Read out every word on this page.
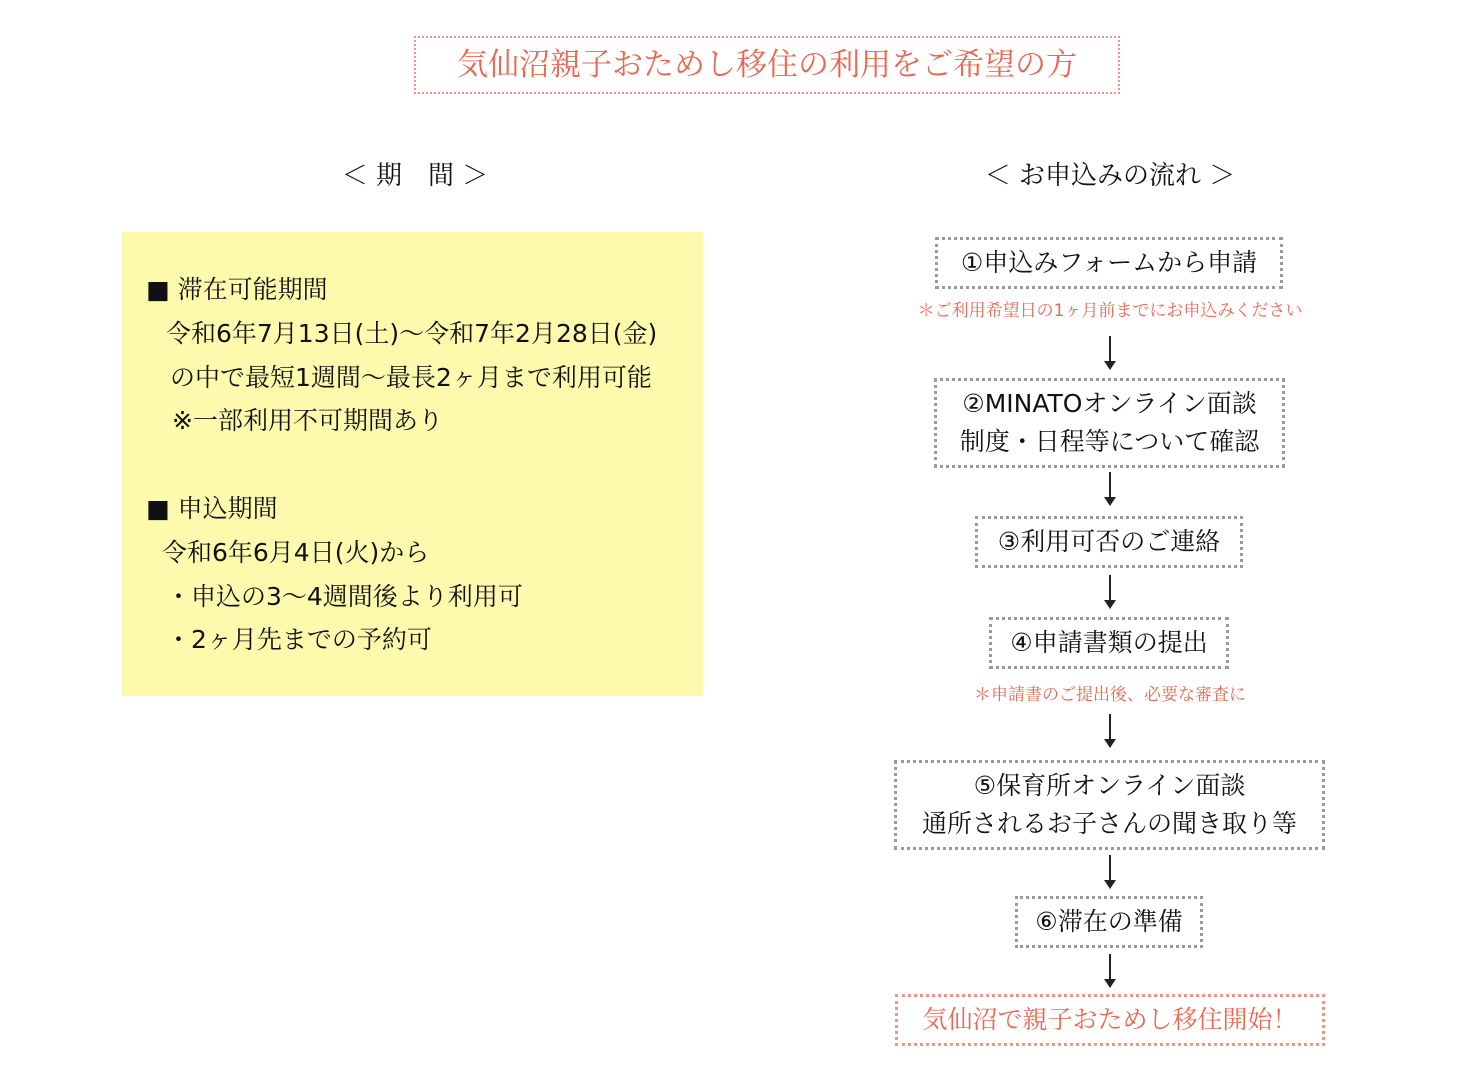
気仙沼親子おためし移住の利用をご希望の方
＜ 期　間 ＞	＜ お申込みの流れ ＞
■ 滞在可能期間
令和6年7月13日(土)〜令和7年2月28日(金)
の中で最短1週間〜最長2ヶ月まで利用可能
※一部利用不可期間あり
■ 申込期間
令和6年6月4日(火)から
・申込の3〜4週間後より利用可
・2ヶ月先までの予約可
①申込みフォームから申請
＊ご利用希望日の1ヶ月前までにお申込みください
②MINATOオンライン面談
制度・日程等について確認
③利用可否のご連絡
④申請書類の提出
＊申請書のご提出後、必要な審査に
⑤保育所オンライン面談
通所されるお子さんの聞き取り等
⑥滞在の準備
気仙沼で親子おためし移住開始！
